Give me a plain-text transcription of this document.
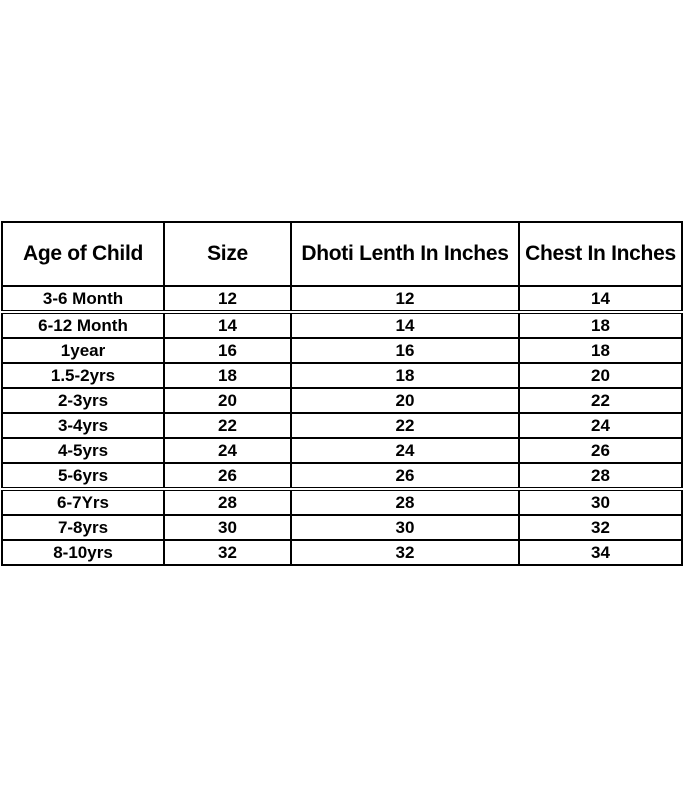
Age of Child	Size	Dhoti Lenth In Inches	Chest In Inches
3-6 Month	12	12	14
6-12 Month	14	14	18
1year	16	16	18
1.5-2yrs	18	18	20
2-3yrs	20	20	22
3-4yrs	22	22	24
4-5yrs	24	24	26
5-6yrs	26	26	28
6-7Yrs	28	28	30
7-8yrs	30	30	32
8-10yrs	32	32	34
